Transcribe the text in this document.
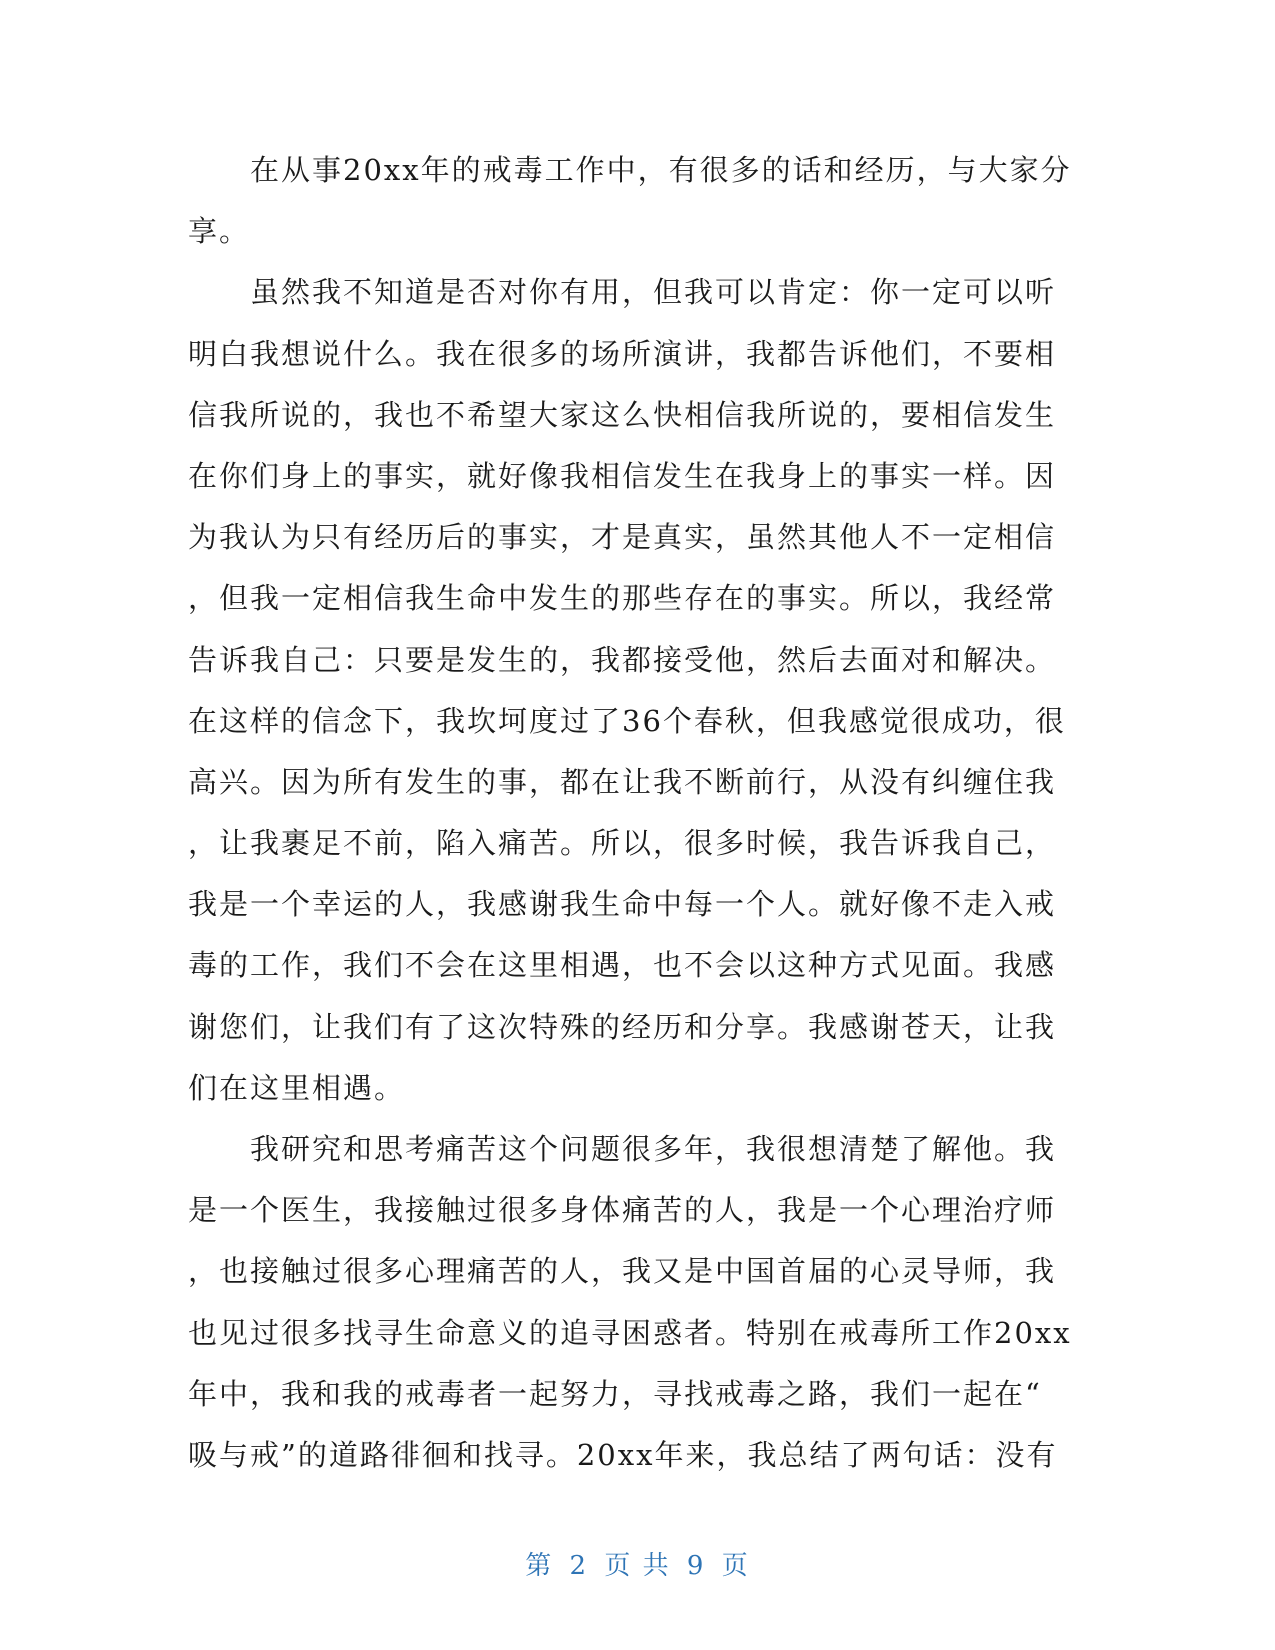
在从事20xx年的戒毒工作中，有很多的话和经历，与大家分
享。
虽然我不知道是否对你有用，但我可以肯定：你一定可以听
明白我想说什么。我在很多的场所演讲，我都告诉他们，不要相
信我所说的，我也不希望大家这么快相信我所说的，要相信发生
在你们身上的事实，就好像我相信发生在我身上的事实一样。因
为我认为只有经历后的事实，才是真实，虽然其他人不一定相信
，但我一定相信我生命中发生的那些存在的事实。所以，我经常
告诉我自己：只要是发生的，我都接受他，然后去面对和解决。
在这样的信念下，我坎坷度过了36个春秋，但我感觉很成功，很
高兴。因为所有发生的事，都在让我不断前行，从没有纠缠住我
，让我裹足不前，陷入痛苦。所以，很多时候，我告诉我自己，
我是一个幸运的人，我感谢我生命中每一个人。就好像不走入戒
毒的工作，我们不会在这里相遇，也不会以这种方式见面。我感
谢您们，让我们有了这次特殊的经历和分享。我感谢苍天，让我
们在这里相遇。
我研究和思考痛苦这个问题很多年，我很想清楚了解他。我
是一个医生，我接触过很多身体痛苦的人，我是一个心理治疗师
，也接触过很多心理痛苦的人，我又是中国首届的心灵导师，我
也见过很多找寻生命意义的追寻困惑者。特别在戒毒所工作20xx
年中，我和我的戒毒者一起努力，寻找戒毒之路，我们一起在“
吸与戒”的道路徘徊和找寻。20xx年来，我总结了两句话：没有
第 2 页 共 9 页
